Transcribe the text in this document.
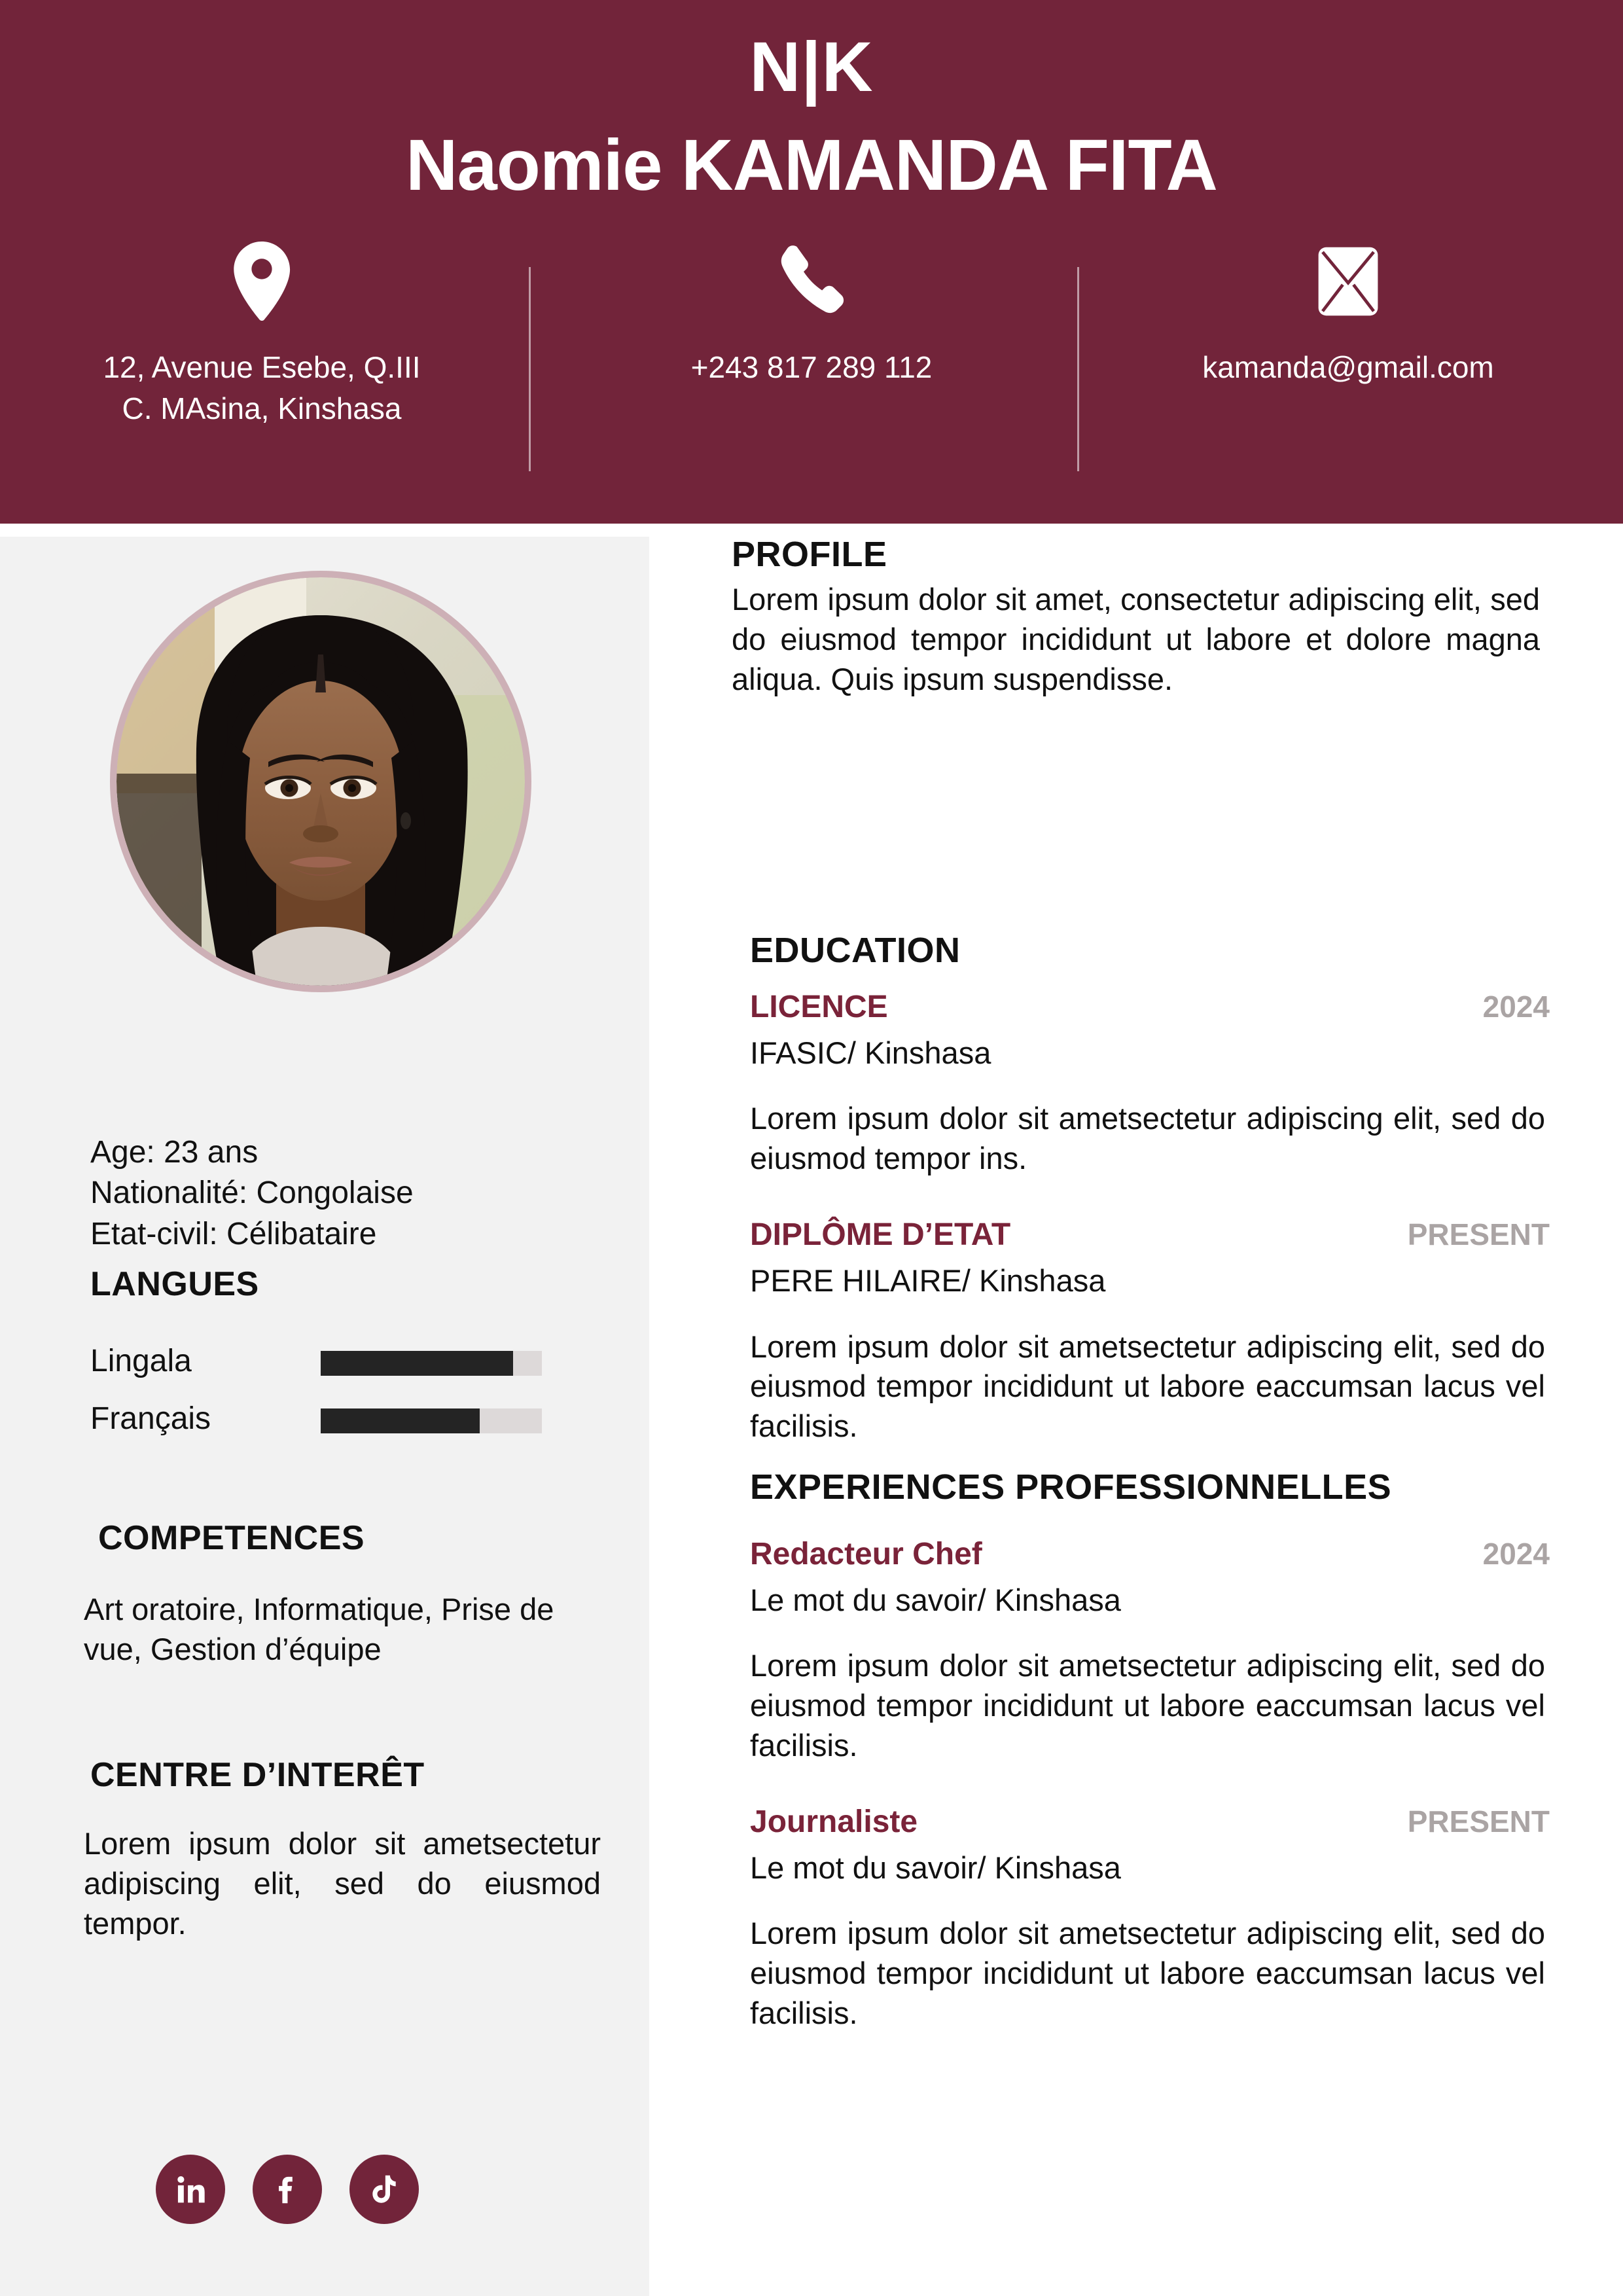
N|K
Naomie KAMANDA FITA
12, Avenue Esebe, Q.III
C. MAsina, Kinshasa
+243 817 289 112	kamanda@gmail.com
Age: 23 ans
Nationalité: Congolaise
Etat-civil: Célibataire
LANGUES
Lingala
Français
COMPETENCES
Art oratoire, Informatique, Prise de vue, Gestion d’équipe
CENTRE D’INTERÊT
Lorem ipsum dolor sit ametsectetur adipiscing elit, sed do eiusmod tempor.
PROFILE
Lorem ipsum dolor sit amet, consectetur adipiscing elit, sed do eiusmod tempor incididunt ut labore et dolore magna aliqua. Quis ipsum suspendisse.
EDUCATION
LICENCE	2024
IFASIC/ Kinshasa
Lorem ipsum dolor sit ametsectetur adipiscing elit, sed do eiusmod tempor ins.
DIPLÔME D’ETAT	PRESENT
PERE HILAIRE/ Kinshasa
Lorem ipsum dolor sit ametsectetur adipiscing elit, sed do eiusmod tempor incididunt ut labore eaccumsan lacus vel facilisis.
EXPERIENCES PROFESSIONNELLES
Redacteur Chef	2024
Le mot du savoir/ Kinshasa
Lorem ipsum dolor sit ametsectetur adipiscing elit, sed do eiusmod tempor incididunt ut labore eaccumsan lacus vel facilisis.
Journaliste	PRESENT
Le mot du savoir/ Kinshasa
Lorem ipsum dolor sit ametsectetur adipiscing elit, sed do eiusmod tempor incididunt ut labore eaccumsan lacus vel facilisis.
